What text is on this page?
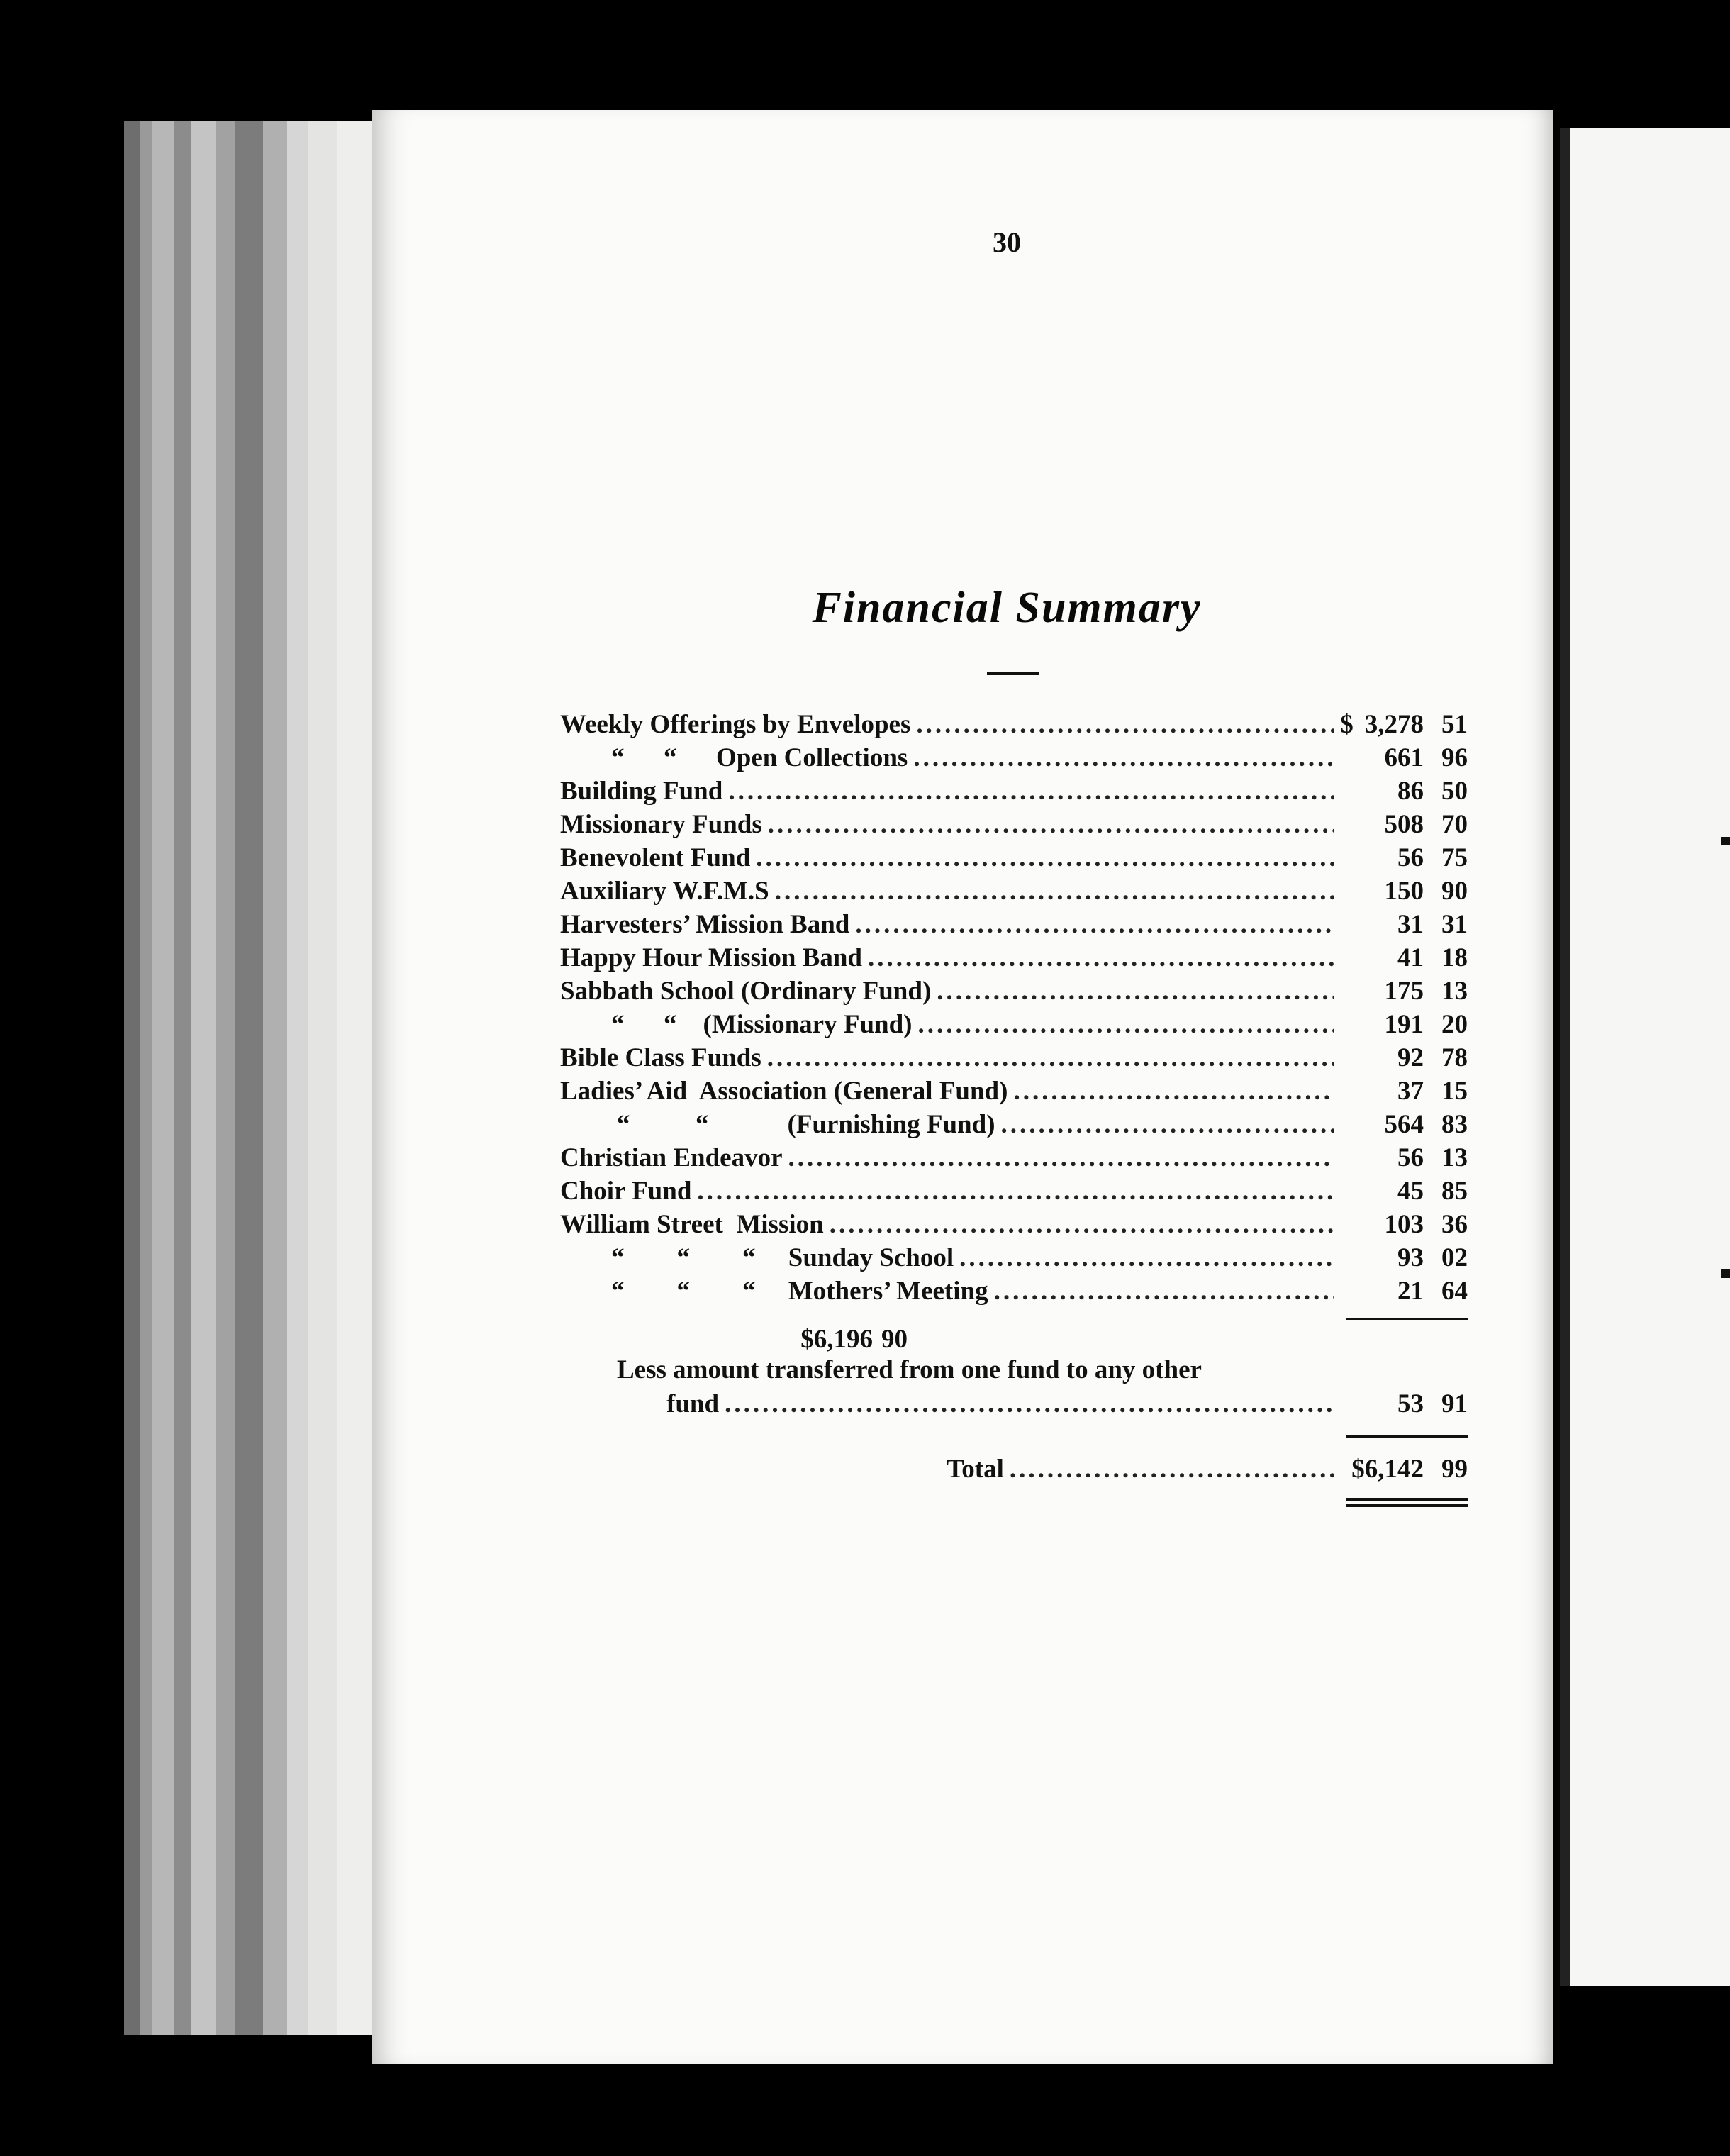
30
Financial Summary
Weekly Offerings by Envelopes .....	$ 3,278 51
“      “      Open Collections .....	661 96
Building Fund .....	86 50
Missionary Funds .....	508 70
Benevolent Fund .....	56 75
Auxiliary W.F.M.S .....	150 90
Harvesters’ Mission Band .....	31 31
Happy Hour Mission Band .....	41 18
Sabbath School (Ordinary Fund) .....	175 13
“      “    (Missionary Fund) .....	191 20
Bible Class Funds .....	92 78
Ladies’ Aid  Association (General Fund) .....	37 15
“          “            (Furnishing Fund) .....	564 83
Christian Endeavor .....	56 13
Choir Fund .....	45 85
William Street  Mission .....	103 36
“        “        “     Sunday School .....	93 02
“        “        “     Mothers’ Meeting .....	21 64
$6,196 90
Less amount transferred from one fund to any other
fund .....	53 91
Total .....	$6,142 99
